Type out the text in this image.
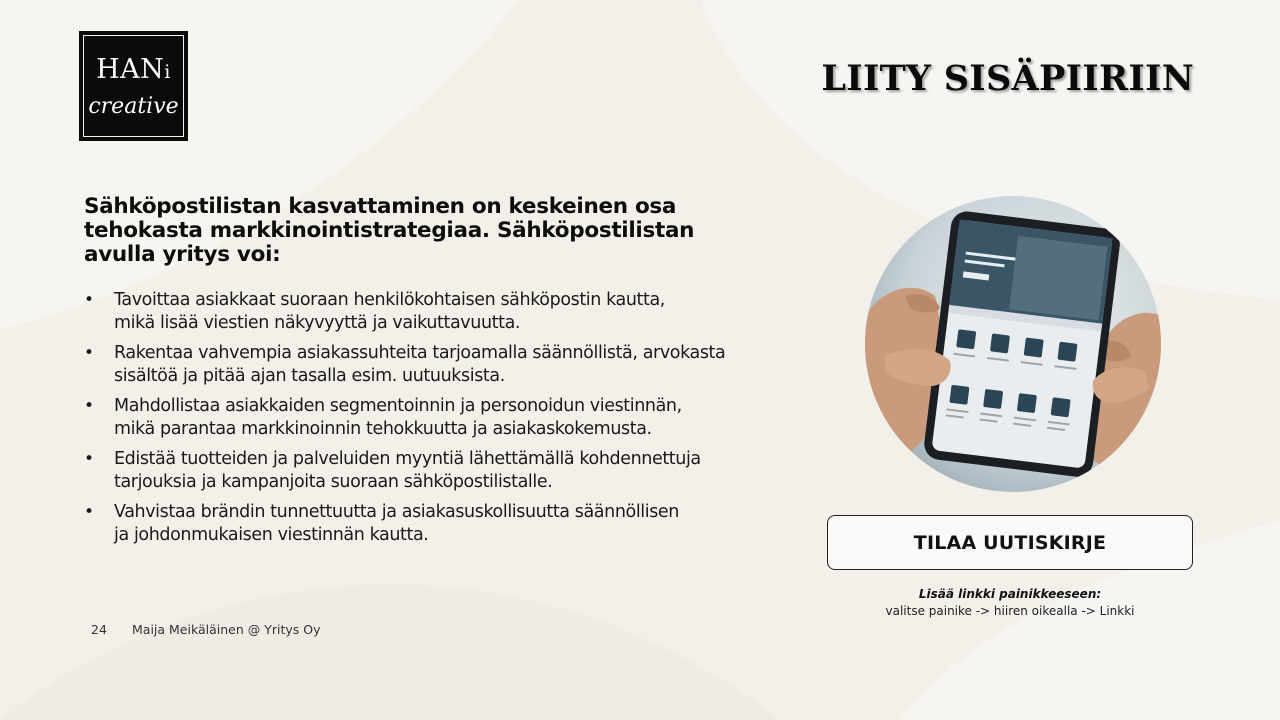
HANi
creative
LIITY SISÄPIIRIIN
Sähköpostilistan kasvattaminen on keskeinen osa tehokasta markkinointistrategiaa. Sähköpostilistan avulla yritys voi:
• Tavoittaa asiakkaat suoraan henkilökohtaisen sähköpostin kautta,
mikä lisää viestien näkyvyyttä ja vaikuttavuutta.
• Rakentaa vahvempia asiakassuhteita tarjoamalla säännöllistä, arvokasta
sisältöä ja pitää ajan tasalla esim. uutuuksista.
• Mahdollistaa asiakkaiden segmentoinnin ja personoidun viestinnän,
mikä parantaa markkinoinnin tehokkuutta ja asiakaskokemusta.
• Edistää tuotteiden ja palveluiden myyntiä lähettämällä kohdennettuja
tarjouksia ja kampanjoita suoraan sähköpostilistalle.
• Vahvistaa brändin tunnettuutta ja asiakasuskollisuutta säännöllisen
ja johdonmukaisen viestinnän kautta.
24 Maija Meikäläinen @ Yritys Oy
TILAA UUTISKIRJE
Lisää linkki painikkeeseen:
valitse painike -> hiiren oikealla -> Linkki
